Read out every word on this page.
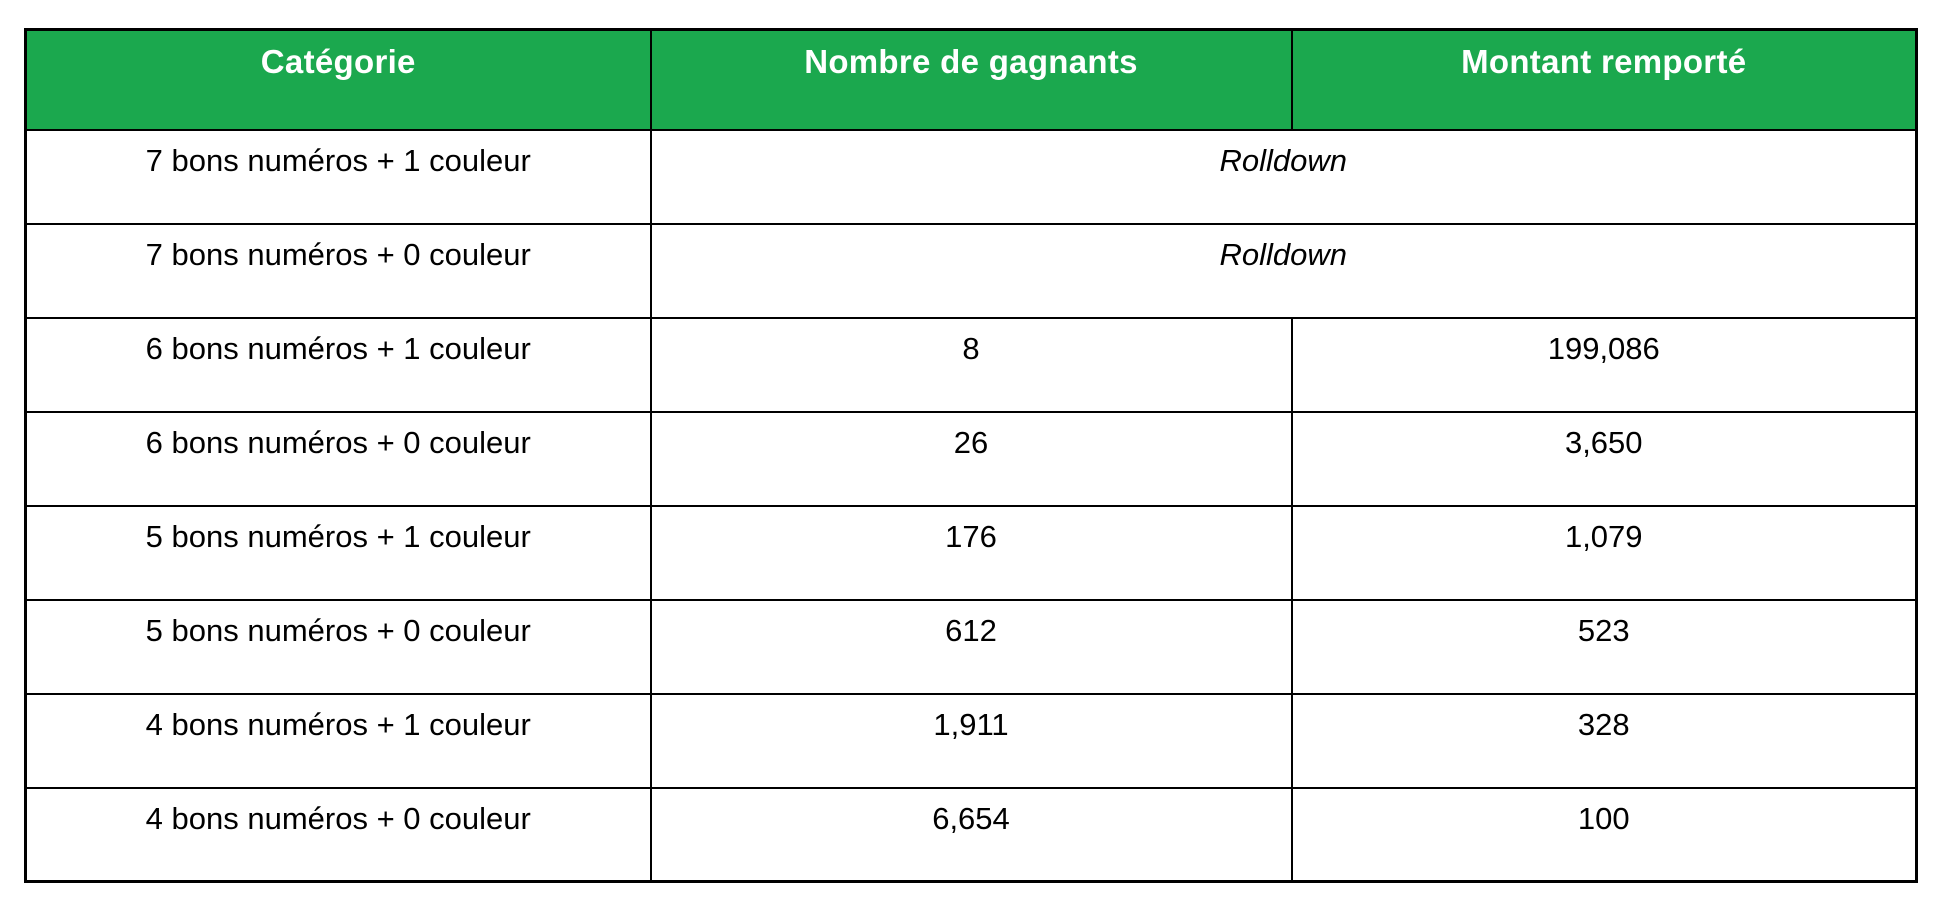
Catégorie	Nombre de gagnants	Montant remporté
7 bons numéros + 1 couleur	Rolldown	
7 bons numéros + 0 couleur	Rolldown	
6 bons numéros + 1 couleur	8	199,086
6 bons numéros + 0 couleur	26	3,650
5 bons numéros + 1 couleur	176	1,079
5 bons numéros + 0 couleur	612	523
4 bons numéros + 1 couleur	1,911	328
4 bons numéros + 0 couleur	6,654	100
